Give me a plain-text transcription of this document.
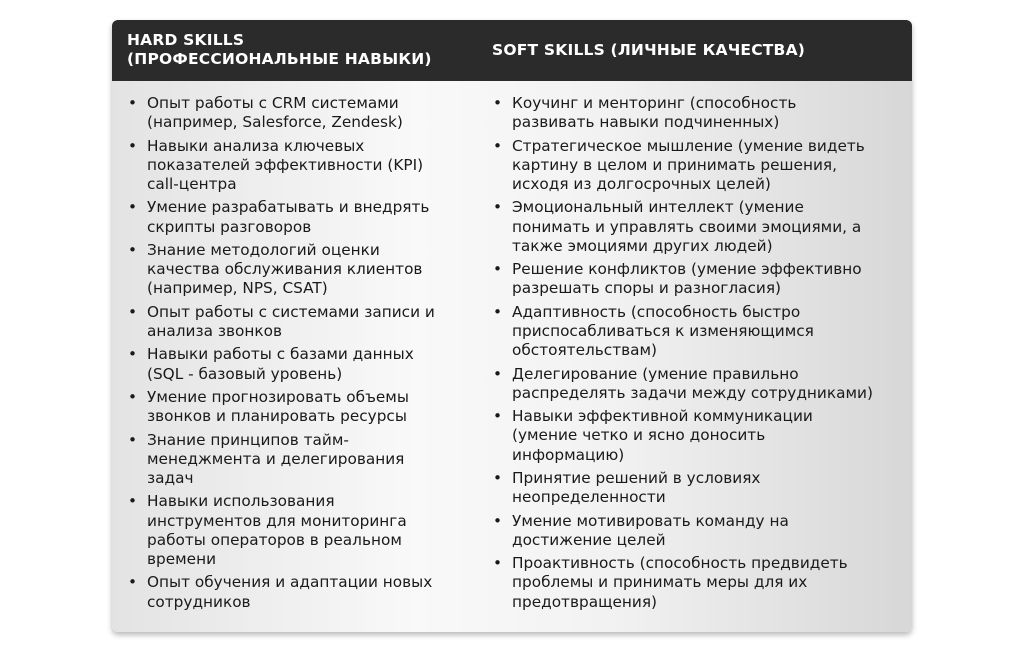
HARD SKILLS
(ПРОФЕССИОНАЛЬНЫЕ НАВЫКИ)	SOFT SKILLS (ЛИЧНЫЕ КАЧЕСТВА)
• Опыт работы с CRM системами
(например, Salesforce, Zendesk)
• Навыки анализа ключевых
показателей эффективности (KPI)
call-центра
• Умение разрабатывать и внедрять
скрипты разговоров
• Знание методологий оценки
качества обслуживания клиентов
(например, NPS, CSAT)
• Опыт работы с системами записи и
анализа звонков
• Навыки работы с базами данных
(SQL - базовый уровень)
• Умение прогнозировать объемы
звонков и планировать ресурсы
• Знание принципов тайм-
менеджмента и делегирования
задач
• Навыки использования
инструментов для мониторинга
работы операторов в реальном
времени
• Опыт обучения и адаптации новых
сотрудников
• Коучинг и менторинг (способность
развивать навыки подчиненных)
• Стратегическое мышление (умение видеть
картину в целом и принимать решения,
исходя из долгосрочных целей)
• Эмоциональный интеллект (умение
понимать и управлять своими эмоциями, а
также эмоциями других людей)
• Решение конфликтов (умение эффективно
разрешать споры и разногласия)
• Адаптивность (способность быстро
приспосабливаться к изменяющимся
обстоятельствам)
• Делегирование (умение правильно
распределять задачи между сотрудниками)
• Навыки эффективной коммуникации
(умение четко и ясно доносить
информацию)
• Принятие решений в условиях
неопределенности
• Умение мотивировать команду на
достижение целей
• Проактивность (способность предвидеть
проблемы и принимать меры для их
предотвращения)
